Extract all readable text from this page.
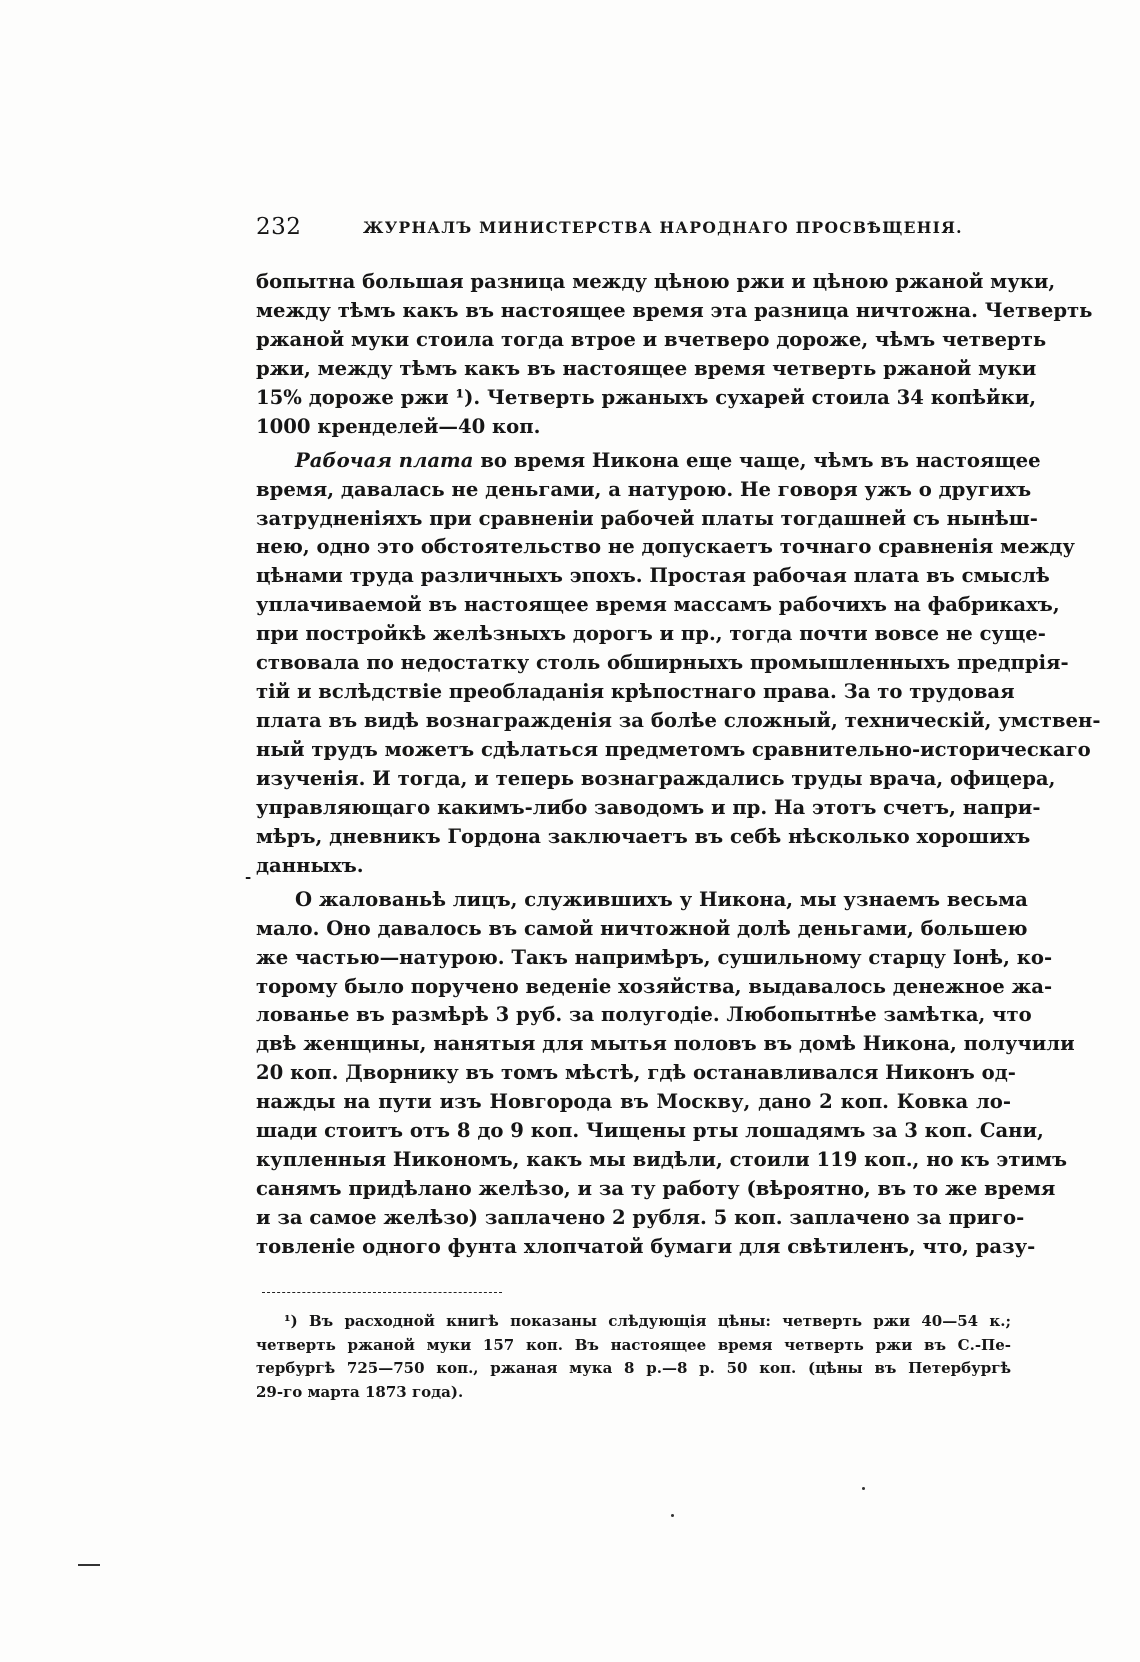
232	ЖУРНАЛЪ МИНИСТЕРСТВА НАРОДНАГО ПРОСВѢЩЕНІЯ.
бопытна большая разница между цѣною ржи и цѣною ржаной муки,
между тѣмъ какъ въ настоящее время эта разница ничтожна. Четверть
ржаной муки стоила тогда втрое и вчетверо дороже, чѣмъ четверть
ржи, между тѣмъ какъ въ настоящее время четверть ржаной муки
15% дороже ржи ¹). Четверть ржаныхъ сухарей стоила 34 копѣйки,
1000 кренделей—40 коп.
Рабочая плата во время Никона еще чаще, чѣмъ въ настоящее
время, давалась не деньгами, а натурою. Не говоря ужъ о другихъ
затрудненіяхъ при сравненіи рабочей платы тогдашней съ нынѣш-
нею, одно это обстоятельство не допускаетъ точнаго сравненія между
цѣнами труда различныхъ эпохъ. Простая рабочая плата въ смыслѣ
уплачиваемой въ настоящее время массамъ рабочихъ на фабрикахъ,
при постройкѣ желѣзныхъ дорогъ и пр., тогда почти вовсе не суще-
ствовала по недостатку столь обширныхъ промышленныхъ предпрія-
тій и вслѣдствіе преобладанія крѣпостнаго права. За то трудовая
плата въ видѣ вознагражденія за болѣе сложный, техническій, умствен-
ный трудъ можетъ сдѣлаться предметомъ сравнительно-историческаго
изученія. И тогда, и теперь вознаграждались труды врача, офицера,
управляющаго какимъ-либо заводомъ и пр. На этотъ счетъ, напри-
мѣръ, дневникъ Гордона заключаетъ въ себѣ нѣсколько хорошихъ
данныхъ.
О жалованьѣ лицъ, служившихъ у Никона, мы узнаемъ весьма
мало. Оно давалось въ самой ничтожной долѣ деньгами, большею
же частью—натурою. Такъ напримѣръ, сушильному старцу Іонѣ, ко-
торому было поручено веденіе хозяйства, выдавалось денежное жа-
лованье въ размѣрѣ 3 руб. за полугодіе. Любопытнѣе замѣтка, что
двѣ женщины, нанятыя для мытья половъ въ домѣ Никона, получили
20 коп. Дворнику въ томъ мѣстѣ, гдѣ останавливался Никонъ од-
нажды на пути изъ Новгорода въ Москву, дано 2 коп. Ковка ло-
шади стоитъ отъ 8 до 9 коп. Чищены рты лошадямъ за 3 коп. Сани,
купленныя Никономъ, какъ мы видѣли, стоили 119 коп., но къ этимъ
санямъ придѣлано желѣзо, и за ту работу (вѣроятно, въ то же время
и за самое желѣзо) заплачено 2 рубля. 5 коп. заплачено за приго-
товленіе одного фунта хлопчатой бумаги для свѣтиленъ, что, разу-
-
¹) Въ расходной книгѣ показаны слѣдующія цѣны: четверть ржи 40—54 к.;
четверть ржаной муки 157 коп. Въ настоящее время четверть ржи въ С.-Пе-
тербургѣ 725—750 коп., ржаная мука 8 р.—8 р. 50 коп. (цѣны въ Петербургѣ
29-го марта 1873 года).
